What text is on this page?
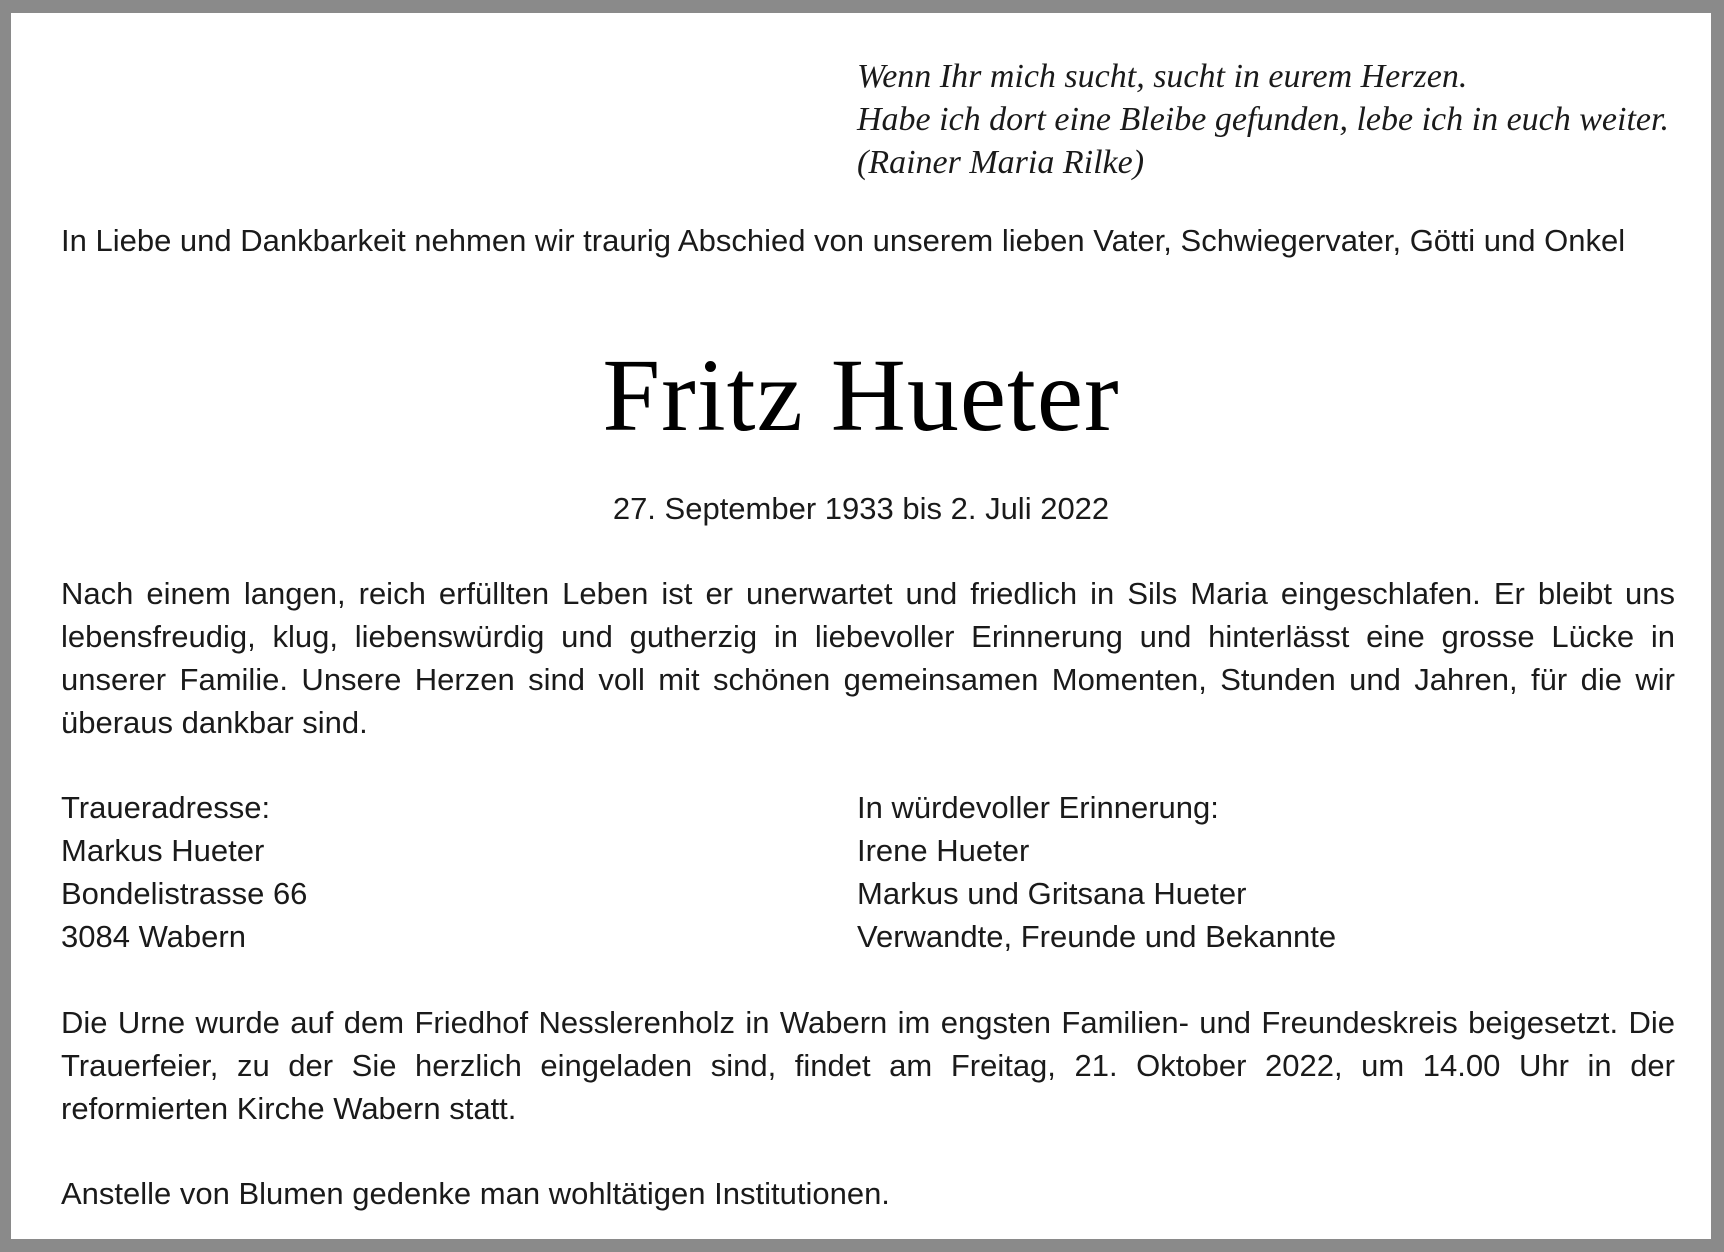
Wenn Ihr mich sucht, sucht in eurem Herzen.
Habe ich dort eine Bleibe gefunden, lebe ich in euch weiter.
(Rainer Maria Rilke)
In Liebe und Dankbarkeit nehmen wir traurig Abschied von unserem lieben Vater, Schwiegervater, Götti und Onkel
Fritz Hueter
27. September 1933 bis 2. Juli 2022
Nach einem langen, reich erfüllten Leben ist er unerwartet und friedlich in Sils Maria eingeschlafen. Er bleibt uns lebensfreudig, klug, liebenswürdig und gutherzig in liebevoller Erinnerung und hinterlässt eine grosse Lücke in unserer Familie. Unsere Herzen sind voll mit schönen gemeinsamen Momenten, Stunden und Jahren, für die wir überaus dankbar sind.
Traueradresse:
Markus Hueter
Bondelistrasse 66
3084 Wabern
In würdevoller Erinnerung:
Irene Hueter
Markus und Gritsana Hueter
Verwandte, Freunde und Bekannte
Die Urne wurde auf dem Friedhof Nesslerenholz in Wabern im engsten Familien- und Freundeskreis beigesetzt. Die Trauerfeier, zu der Sie herzlich eingeladen sind, findet am Freitag, 21. Oktober 2022, um 14.00 Uhr in der reformierten Kirche Wabern statt.
Anstelle von Blumen gedenke man wohltätigen Institutionen.
